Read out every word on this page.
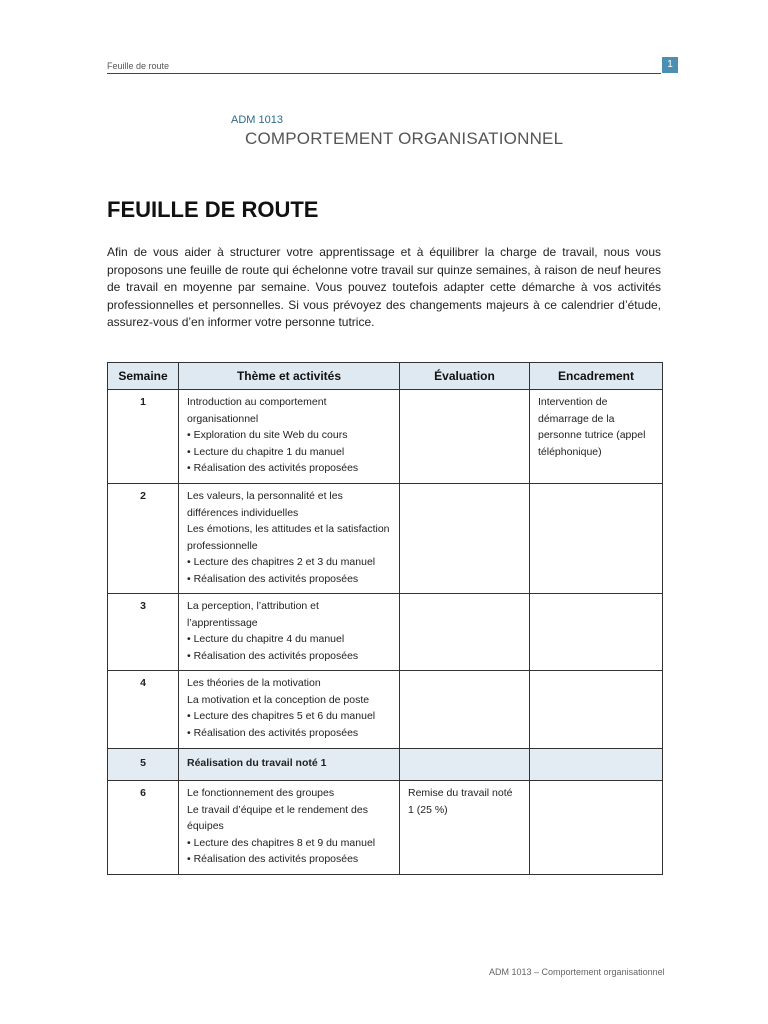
Feuille de route	1
ADM 1013
COMPORTEMENT ORGANISATIONNEL
FEUILLE DE ROUTE

Afin de vous aider à structurer votre apprentissage et à équilibrer la charge de travail, nous vous proposons une feuille de route qui échelonne votre travail sur quinze semaines, à raison de neuf heures de travail en moyenne par semaine. Vous pouvez toutefois adapter cette démarche à vos activités professionnelles et personnelles. Si vous prévoyez des changements majeurs à ce calendrier d’étude, assurez-vous d’en informer votre personne tutrice.

Semaine	Thème et activités	Évaluation	Encadrement
1	Introduction au comportement organisationnel
• Exploration du site Web du cours
• Lecture du chapitre 1 du manuel
• Réalisation des activités proposées		Intervention de démarrage de la personne tutrice (appel téléphonique)
2	Les valeurs, la personnalité et les différences individuelles
Les émotions, les attitudes et la satisfaction professionnelle
• Lecture des chapitres 2 et 3 du manuel
• Réalisation des activités proposées		

3	La perception, l’attribution et l’apprentissage
• Lecture du chapitre 4 du manuel
• Réalisation des activités proposées		

4	Les théories de la motivation
La motivation et la conception de poste
• Lecture des chapitres 5 et 6 du manuel
• Réalisation des activités proposées		

5	Réalisation du travail noté 1		

6	Le fonctionnement des groupes
Le travail d’équipe et le rendement des équipes
• Lecture des chapitres 8 et 9 du manuel
• Réalisation des activités proposées	Remise du travail noté 1 (25 %)	
ADM 1013 – Comportement organisationnel
